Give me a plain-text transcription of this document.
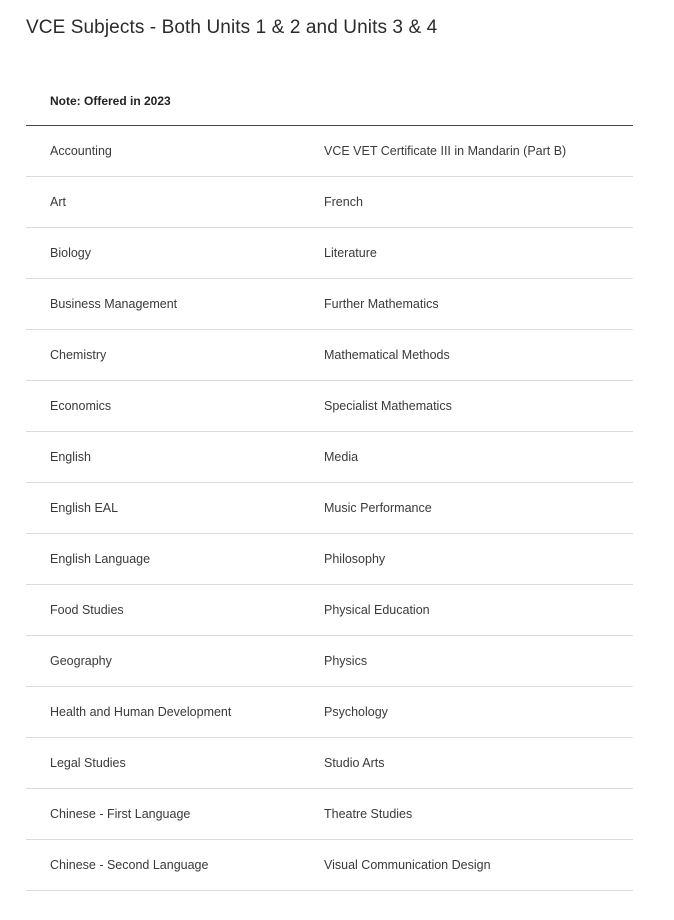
VCE Subjects - Both Units 1 & 2 and Units 3 & 4
Note: Offered in 2023
Accounting	VCE VET Certificate III in Mandarin (Part B)
Art	French
Biology	Literature
Business Management	Further Mathematics
Chemistry	Mathematical Methods
Economics	Specialist Mathematics
English	Media
English EAL	Music Performance
English Language	Philosophy
Food Studies	Physical Education
Geography	Physics
Health and Human Development	Psychology
Legal Studies	Studio Arts
Chinese - First Language	Theatre Studies
Chinese - Second Language	Visual Communication Design
